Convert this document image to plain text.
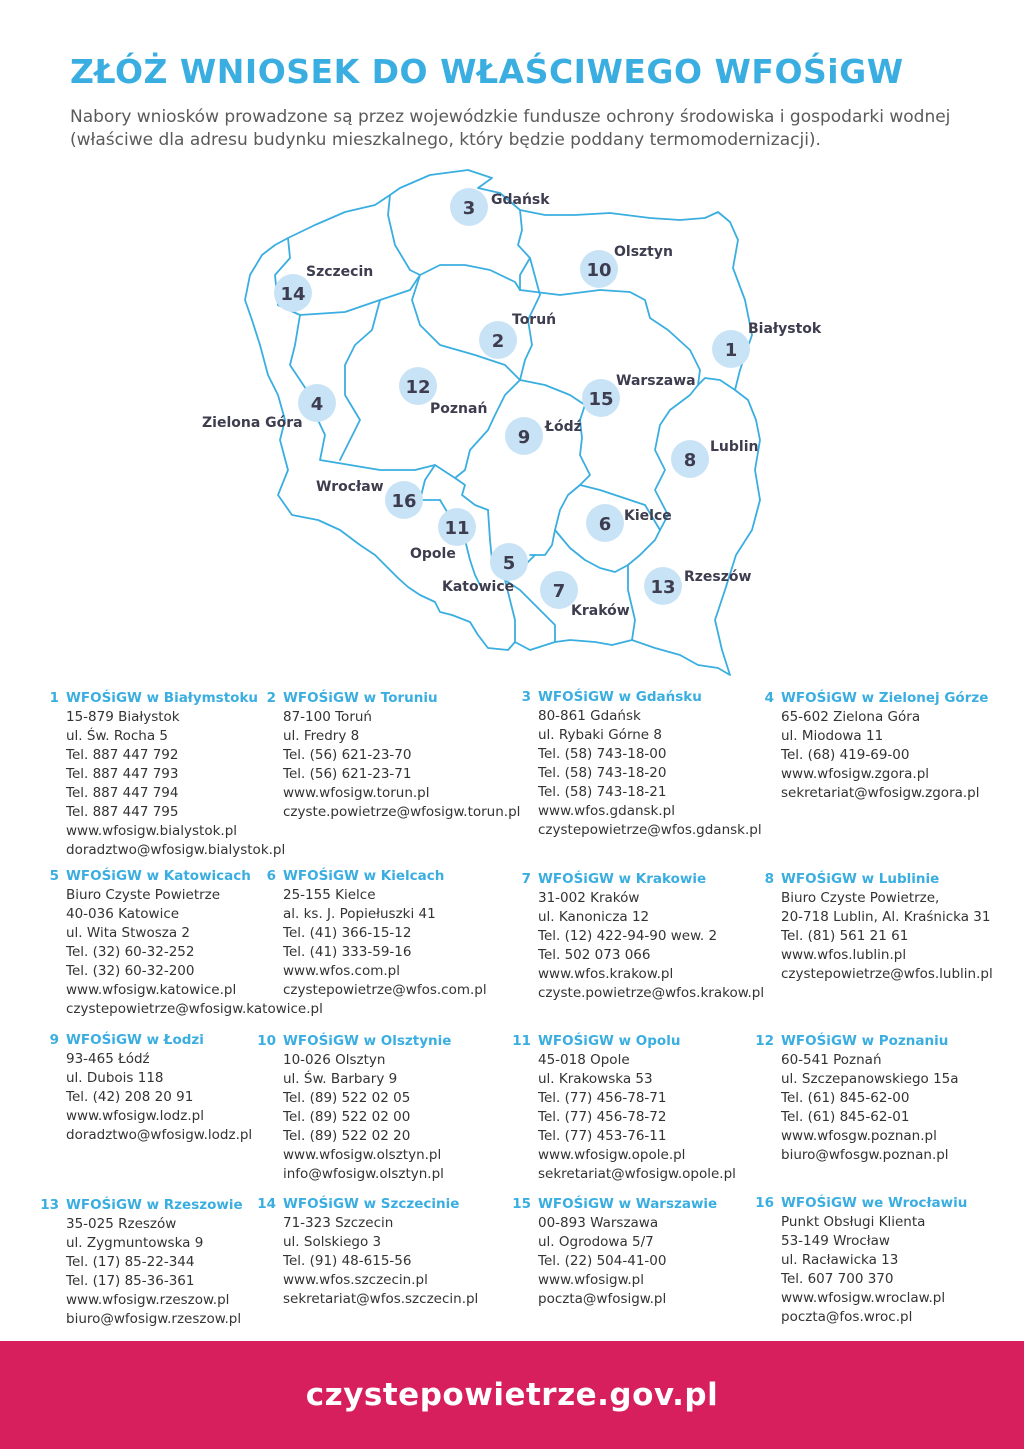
ZŁÓŻ WNIOSEK DO WŁAŚCIWEGO WFOŚiGW

Nabory wniosków prowadzone są przez wojewódzkie fundusze ochrony środowiska i gospodarki wodnej (właściwe dla adresu budynku mieszkalnego, który będzie poddany termomodernizacji).

1
Białystok
2
Toruń
3 Gdańsk
4
Zielona Góra
5
Katowice
6 Kielce
7
Kraków
8
Lublin
9 Łódź
10
Olsztyn
11
Opole
12
Poznań
13 Rzeszów
14
Szczecin
15
Warszawa
16
Wrocław
1 WFOŚiGW w Białymstoku
15-879 Białystok
ul. Św. Rocha 5
Tel. 887 447 792
Tel. 887 447 793
Tel. 887 447 794
Tel. 887 447 795
www.wfosigw.bialystok.pl
doradztwo@wfosigw.bialystok.pl
2 WFOŚiGW w Toruniu
87-100 Toruń
ul. Fredry 8
Tel. (56) 621-23-70
Tel. (56) 621-23-71
www.wfosigw.torun.pl
czyste.powietrze@wfosigw.torun.pl
3 WFOŚiGW w Gdańsku
80-861 Gdańsk
ul. Rybaki Górne 8
Tel. (58) 743-18-00
Tel. (58) 743-18-20
Tel. (58) 743-18-21
www.wfos.gdansk.pl
czystepowietrze@wfos.gdansk.pl
4 WFOŚiGW w Zielonej Górze
65-602 Zielona Góra
ul. Miodowa 11
Tel. (68) 419-69-00
www.wfosigw.zgora.pl
sekretariat@wfosigw.zgora.pl
5 WFOŚiGW w Katowicach
Biuro Czyste Powietrze
40-036 Katowice
ul. Wita Stwosza 2
Tel. (32) 60-32-252
Tel. (32) 60-32-200
www.wfosigw.katowice.pl
czystepowietrze@wfosigw.katowice.pl
6 WFOŚiGW w Kielcach
25-155 Kielce
al. ks. J. Popiełuszki 41
Tel. (41) 366-15-12
Tel. (41) 333-59-16
www.wfos.com.pl
czystepowietrze@wfos.com.pl
7 WFOŚiGW w Krakowie
31-002 Kraków
ul. Kanonicza 12
Tel. (12) 422-94-90 wew. 2
Tel. 502 073 066
www.wfos.krakow.pl
czyste.powietrze@wfos.krakow.pl
8 WFOŚiGW w Lublinie
Biuro Czyste Powietrze,
20-718 Lublin, Al. Kraśnicka 31
Tel. (81) 561 21 61
www.wfos.lublin.pl
czystepowietrze@wfos.lublin.pl
9 WFOŚiGW w Łodzi
93-465 Łódź
ul. Dubois 118
Tel. (42) 208 20 91
www.wfosigw.lodz.pl
doradztwo@wfosigw.lodz.pl
10 WFOŚiGW w Olsztynie
10-026 Olsztyn
ul. Św. Barbary 9
Tel. (89) 522 02 05
Tel. (89) 522 02 00
Tel. (89) 522 02 20
www.wfosigw.olsztyn.pl
info@wfosigw.olsztyn.pl
11 WFOŚiGW w Opolu
45-018 Opole
ul. Krakowska 53
Tel. (77) 456-78-71
Tel. (77) 456-78-72
Tel. (77) 453-76-11
www.wfosigw.opole.pl
sekretariat@wfosigw.opole.pl
12 WFOŚiGW w Poznaniu
60-541 Poznań
ul. Szczepanowskiego 15a
Tel. (61) 845-62-00
Tel. (61) 845-62-01
www.wfosgw.poznan.pl
biuro@wfosgw.poznan.pl
13 WFOŚiGW w Rzeszowie
35-025 Rzeszów
ul. Zygmuntowska 9
Tel. (17) 85-22-344
Tel. (17) 85-36-361
www.wfosigw.rzeszow.pl
biuro@wfosigw.rzeszow.pl
14 WFOŚiGW w Szczecinie
71-323 Szczecin
ul. Solskiego 3
Tel. (91) 48-615-56
www.wfos.szczecin.pl
sekretariat@wfos.szczecin.pl
15 WFOŚiGW w Warszawie
00-893 Warszawa
ul. Ogrodowa 5/7
Tel. (22) 504-41-00
www.wfosigw.pl
poczta@wfosigw.pl
16 WFOŚiGW we Wrocławiu
Punkt Obsługi Klienta
53-149 Wrocław
ul. Racławicka 13
Tel. 607 700 370
www.wfosigw.wroclaw.pl
poczta@fos.wroc.pl
czystepowietrze.gov.pl
